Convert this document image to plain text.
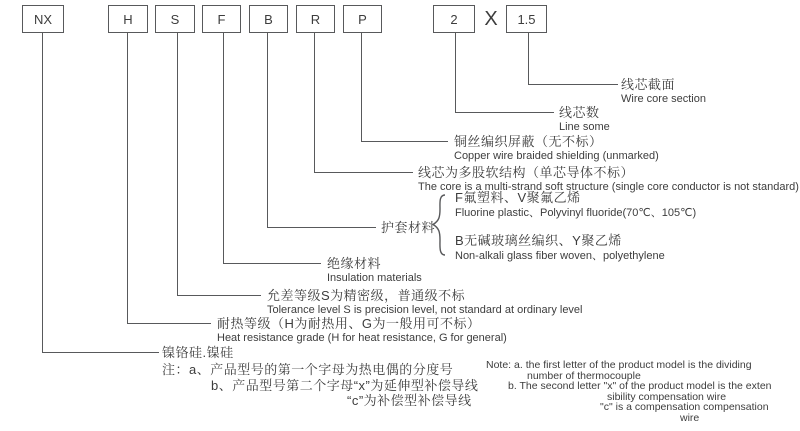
NX	H	S	F	B	R	P	2	X	1.5
线芯截面
Wire core section
线芯数
Line some
铜丝编织屏蔽（无不标）
Copper wire braided shielding (unmarked)
线芯为多股软结构（单芯导体不标）
The core is a multi-strand soft structure (single core conductor is not standard)
护套材料
绝缘材料
Insulation materials
允差等级S为精密级，普通级不标
Tolerance level S is precision level, not standard at ordinary level
耐热等级（H为耐热用、G为一般用可不标）
Heat resistance grade (H for heat resistance, G for general)
镍铬硅.镍硅
F氟塑料、V聚氟乙烯
Fluorine plastic、Polyvinyl fluoride(70℃、105℃)
B无碱玻璃丝编织、Y聚乙烯
Non-alkali glass fiber woven、polyethylene
注：a、产品型号的第一个字母为热电偶的分度号
b、产品型号第二个字母“x”为延伸型补偿导线
“c”为补偿型补偿导线
Note: a. the first letter of the product model is the dividing
number of thermocouple
b. The second letter "x" of the product model is the exten
sibility compensation wire
"c" is a compensation compensation
wire
